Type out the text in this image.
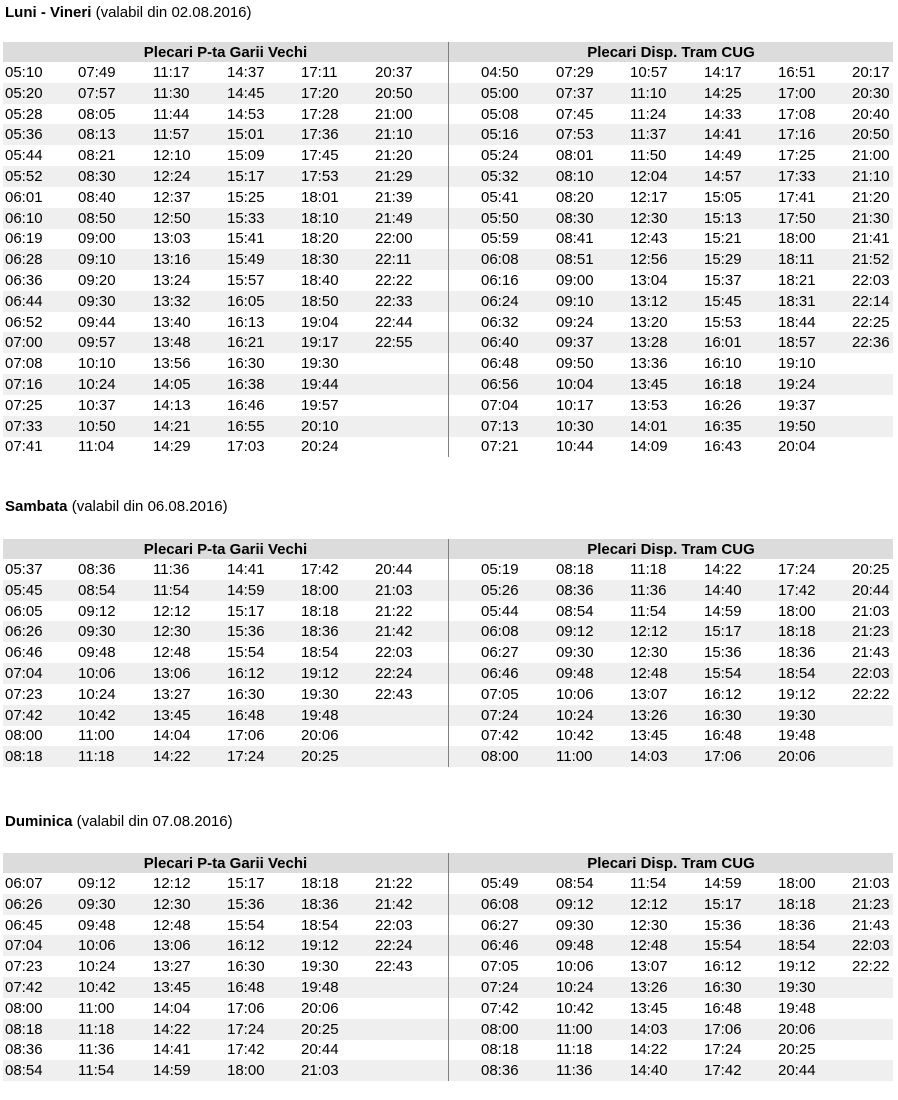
Luni - Vineri (valabil din 02.08.2016)
Plecari P-ta Garii Vechi	Plecari Disp. Tram CUG
05:10 07:49 11:17	14:37 17:11	20:37	04:50 07:29 10:57 14:17 16:51 20:17
05:20 07:57 11:30	14:45 17:20 20:50	05:00 07:37 11:10	14:25 17:00 20:30
05:28 08:05 11:44	14:53 17:28 21:00	05:08 07:45 11:24	14:33 17:08 20:40
05:36 08:13 11:57	15:01 17:36 21:10	05:16 07:53 11:37	14:41 17:16 20:50
05:44 08:21 12:10 15:09 17:45 21:20	05:24 08:01 11:50	14:49 17:25 21:00
05:52 08:30 12:24 15:17 17:53 21:29	05:32 08:10 12:04 14:57 17:33 21:10
06:01 08:40 12:37 15:25 18:01 21:39	05:41 08:20 12:17 15:05 17:41 21:20
06:10 08:50 12:50 15:33 18:10 21:49	05:50 08:30 12:30 15:13 17:50 21:30
06:19 09:00 13:03 15:41 18:20 22:00	05:59 08:41 12:43 15:21 18:00 21:41
06:28 09:10 13:16 15:49 18:30 22:11	06:08 08:51 12:56 15:29 18:11	21:52
06:36 09:20 13:24 15:57 18:40 22:22	06:16 09:00 13:04 15:37 18:21 22:03
06:44 09:30 13:32 16:05 18:50 22:33	06:24 09:10 13:12 15:45 18:31 22:14
06:52 09:44 13:40 16:13 19:04 22:44	06:32 09:24 13:20 15:53 18:44 22:25
07:00 09:57 13:48 16:21 19:17 22:55	06:40 09:37 13:28 16:01 18:57 22:36
07:08 10:10 13:56 16:30 19:30	06:48 09:50 13:36 16:10 19:10
07:16 10:24 14:05 16:38 19:44	06:56 10:04 13:45 16:18 19:24
07:25 10:37 14:13 16:46 19:57	07:04 10:17 13:53 16:26 19:37
07:33 10:50 14:21 16:55 20:10	07:13 10:30 14:01 16:35 19:50
07:41 11:04	14:29 17:03 20:24	07:21 10:44 14:09 16:43 20:04
Sambata (valabil din 06.08.2016)
Plecari P-ta Garii Vechi	Plecari Disp. Tram CUG
05:37 08:36 11:36	14:41 17:42 20:44	05:19 08:18 11:18	14:22 17:24 20:25
05:45 08:54 11:54	14:59 18:00 21:03	05:26 08:36 11:36	14:40 17:42 20:44
06:05 09:12 12:12 15:17 18:18 21:22	05:44 08:54 11:54	14:59 18:00 21:03
06:26 09:30 12:30 15:36 18:36 21:42	06:08 09:12 12:12 15:17 18:18 21:23
06:46 09:48 12:48 15:54 18:54 22:03	06:27 09:30 12:30 15:36 18:36 21:43
07:04 10:06 13:06 16:12 19:12 22:24	06:46 09:48 12:48 15:54 18:54 22:03
07:23 10:24 13:27 16:30 19:30 22:43	07:05 10:06 13:07 16:12 19:12 22:22
07:42 10:42 13:45 16:48 19:48	07:24 10:24 13:26 16:30 19:30
08:00 11:00	14:04 17:06 20:06	07:42 10:42 13:45 16:48 19:48
08:18 11:18	14:22 17:24 20:25	08:00 11:00	14:03 17:06 20:06
Duminica (valabil din 07.08.2016)
Plecari P-ta Garii Vechi	Plecari Disp. Tram CUG
06:07 09:12 12:12 15:17 18:18 21:22	05:49 08:54 11:54	14:59 18:00 21:03
06:26 09:30 12:30 15:36 18:36 21:42	06:08 09:12 12:12 15:17 18:18 21:23
06:45 09:48 12:48 15:54 18:54 22:03	06:27 09:30 12:30 15:36 18:36 21:43
07:04 10:06 13:06 16:12 19:12 22:24	06:46 09:48 12:48 15:54 18:54 22:03
07:23 10:24 13:27 16:30 19:30 22:43	07:05 10:06 13:07 16:12 19:12 22:22
07:42 10:42 13:45 16:48 19:48	07:24 10:24 13:26 16:30 19:30
08:00 11:00	14:04 17:06 20:06	07:42 10:42 13:45 16:48 19:48
08:18 11:18	14:22 17:24 20:25	08:00 11:00	14:03 17:06 20:06
08:36 11:36	14:41 17:42 20:44	08:18 11:18	14:22 17:24 20:25
08:54 11:54	14:59 18:00 21:03	08:36 11:36	14:40 17:42 20:44
